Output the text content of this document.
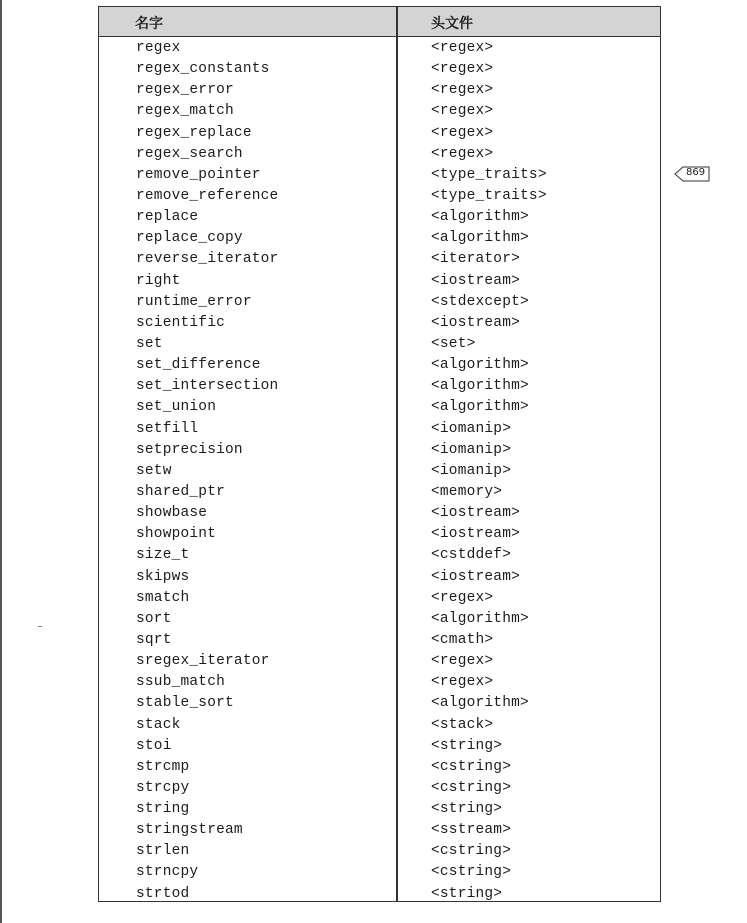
名字	头文件
regex	<regex>
regex_constants	<regex>
regex_error	<regex>
regex_match	<regex>
regex_replace	<regex>
regex_search	<regex>
remove_pointer	<type_traits>
remove_reference	<type_traits>
replace	<algorithm>
replace_copy	<algorithm>
reverse_iterator	<iterator>
right	<iostream>
runtime_error	<stdexcept>
scientific	<iostream>
set	<set>
set_difference	<algorithm>
set_intersection	<algorithm>
set_union	<algorithm>
setfill	<iomanip>
setprecision	<iomanip>
setw	<iomanip>
shared_ptr	<memory>
showbase	<iostream>
showpoint	<iostream>
size_t	<cstddef>
skipws	<iostream>
smatch	<regex>
sort	<algorithm>
sqrt	<cmath>
sregex_iterator	<regex>
ssub_match	<regex>
stable_sort	<algorithm>
stack	<stack>
stoi	<string>
strcmp	<cstring>
strcpy	<cstring>
string	<string>
stringstream	<sstream>
strlen	<cstring>
strncpy	<cstring>
strtod	<string>
869
